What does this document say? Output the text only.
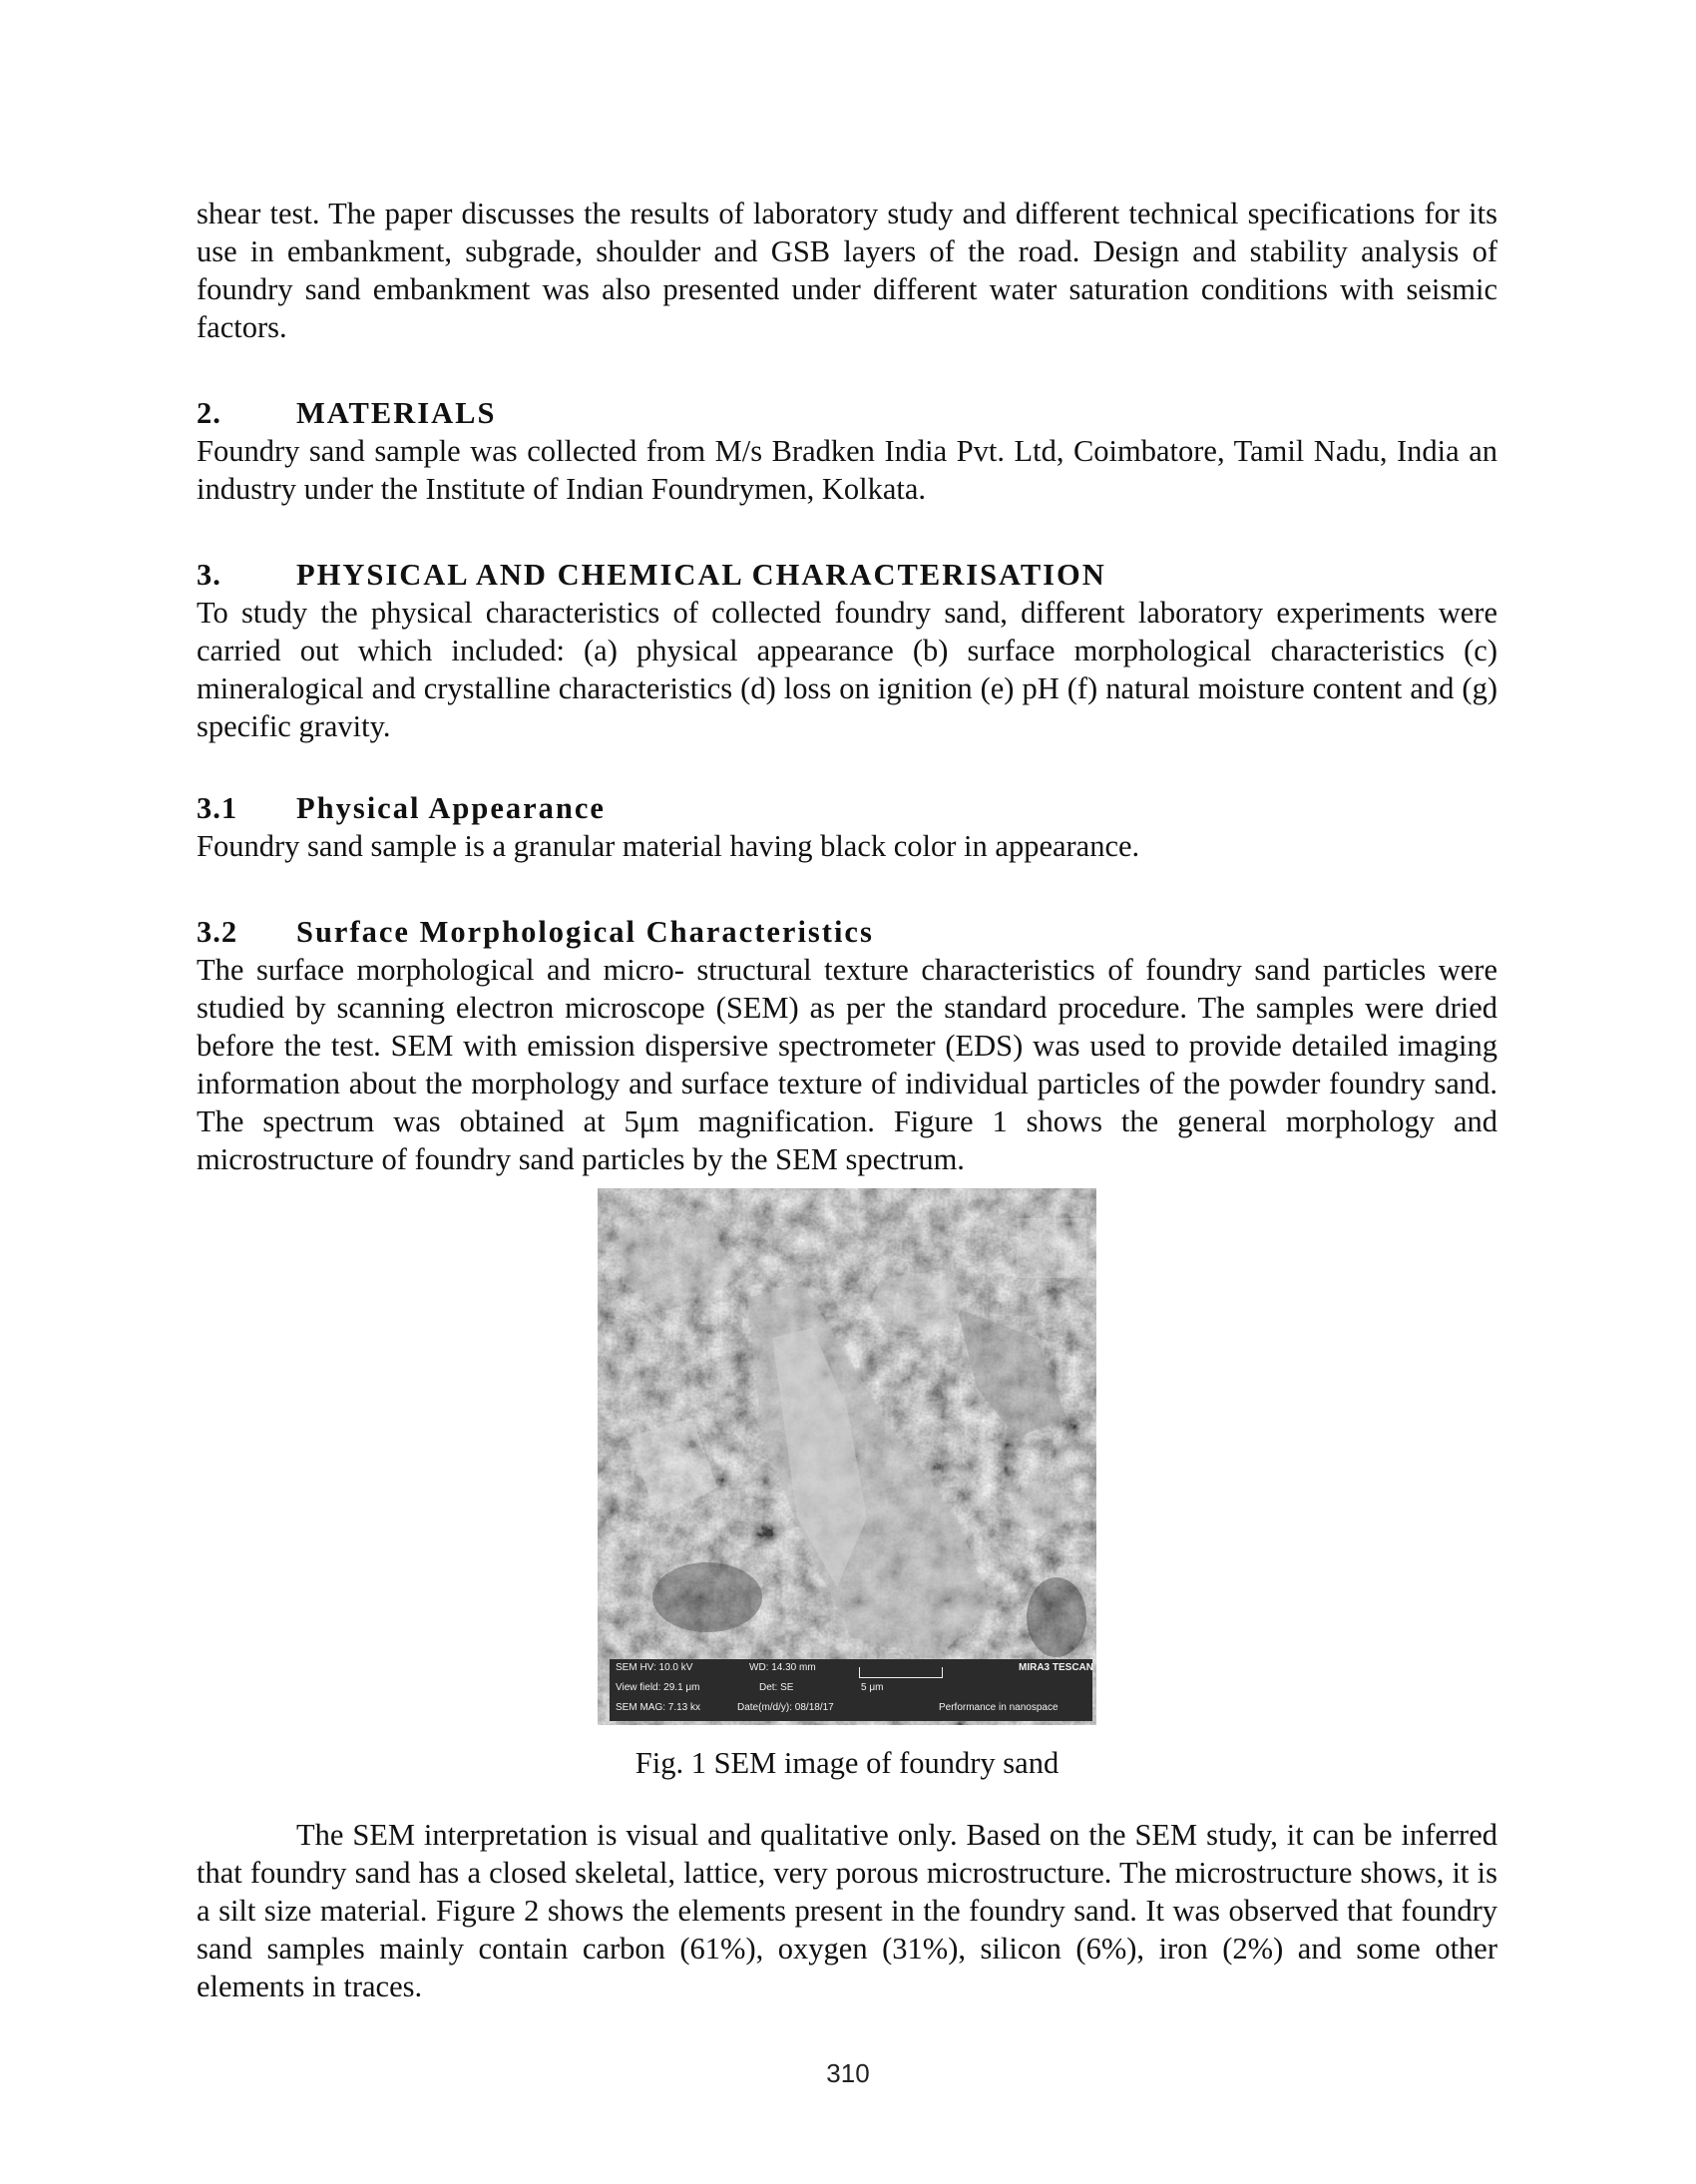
shear test. The paper discusses the results of laboratory study and different technical specifications for its use in embankment, subgrade, shoulder and GSB layers of the road. Design and stability analysis of foundry sand embankment was also presented under different water saturation conditions with seismic factors.

2. MATERIALS

Foundry sand sample was collected from M/s Bradken India Pvt. Ltd, Coimbatore, Tamil Nadu, India an industry under the Institute of Indian Foundrymen, Kolkata.

3. PHYSICAL AND CHEMICAL CHARACTERISATION

To study the physical characteristics of collected foundry sand, different laboratory experiments were carried out which included: (a) physical appearance (b) surface morphological characteristics (c) mineralogical and crystalline characteristics (d) loss on ignition (e) pH (f) natural moisture content and (g) specific gravity.

3.1 Physical Appearance

Foundry sand sample is a granular material having black color in appearance.

3.2 Surface Morphological Characteristics

The surface morphological and micro- structural texture characteristics of foundry sand particles were studied by scanning electron microscope (SEM) as per the standard procedure. The samples were dried before the test. SEM with emission dispersive spectrometer (EDS) was used to provide detailed imaging information about the morphology and surface texture of individual particles of the powder foundry sand. The spectrum was obtained at 5μm magnification. Figure 1 shows the general morphology and microstructure of foundry sand particles by the SEM spectrum.

SEM HV: 10.0 kV	WD: 14.30 mm	MIRA3 TESCAN
View field: 29.1 μm	Det: SE	5 μm
SEM MAG: 7.13 kx	Date(m/d/y): 08/18/17	Performance in nanospace
Fig. 1 SEM image of foundry sand

The SEM interpretation is visual and qualitative only. Based on the SEM study, it can be inferred that foundry sand has a closed skeletal, lattice, very porous microstructure. The microstructure shows, it is a silt size material. Figure 2 shows the elements present in the foundry sand. It was observed that foundry sand samples mainly contain carbon (61%), oxygen (31%), silicon (6%), iron (2%) and some other elements in traces.

310
